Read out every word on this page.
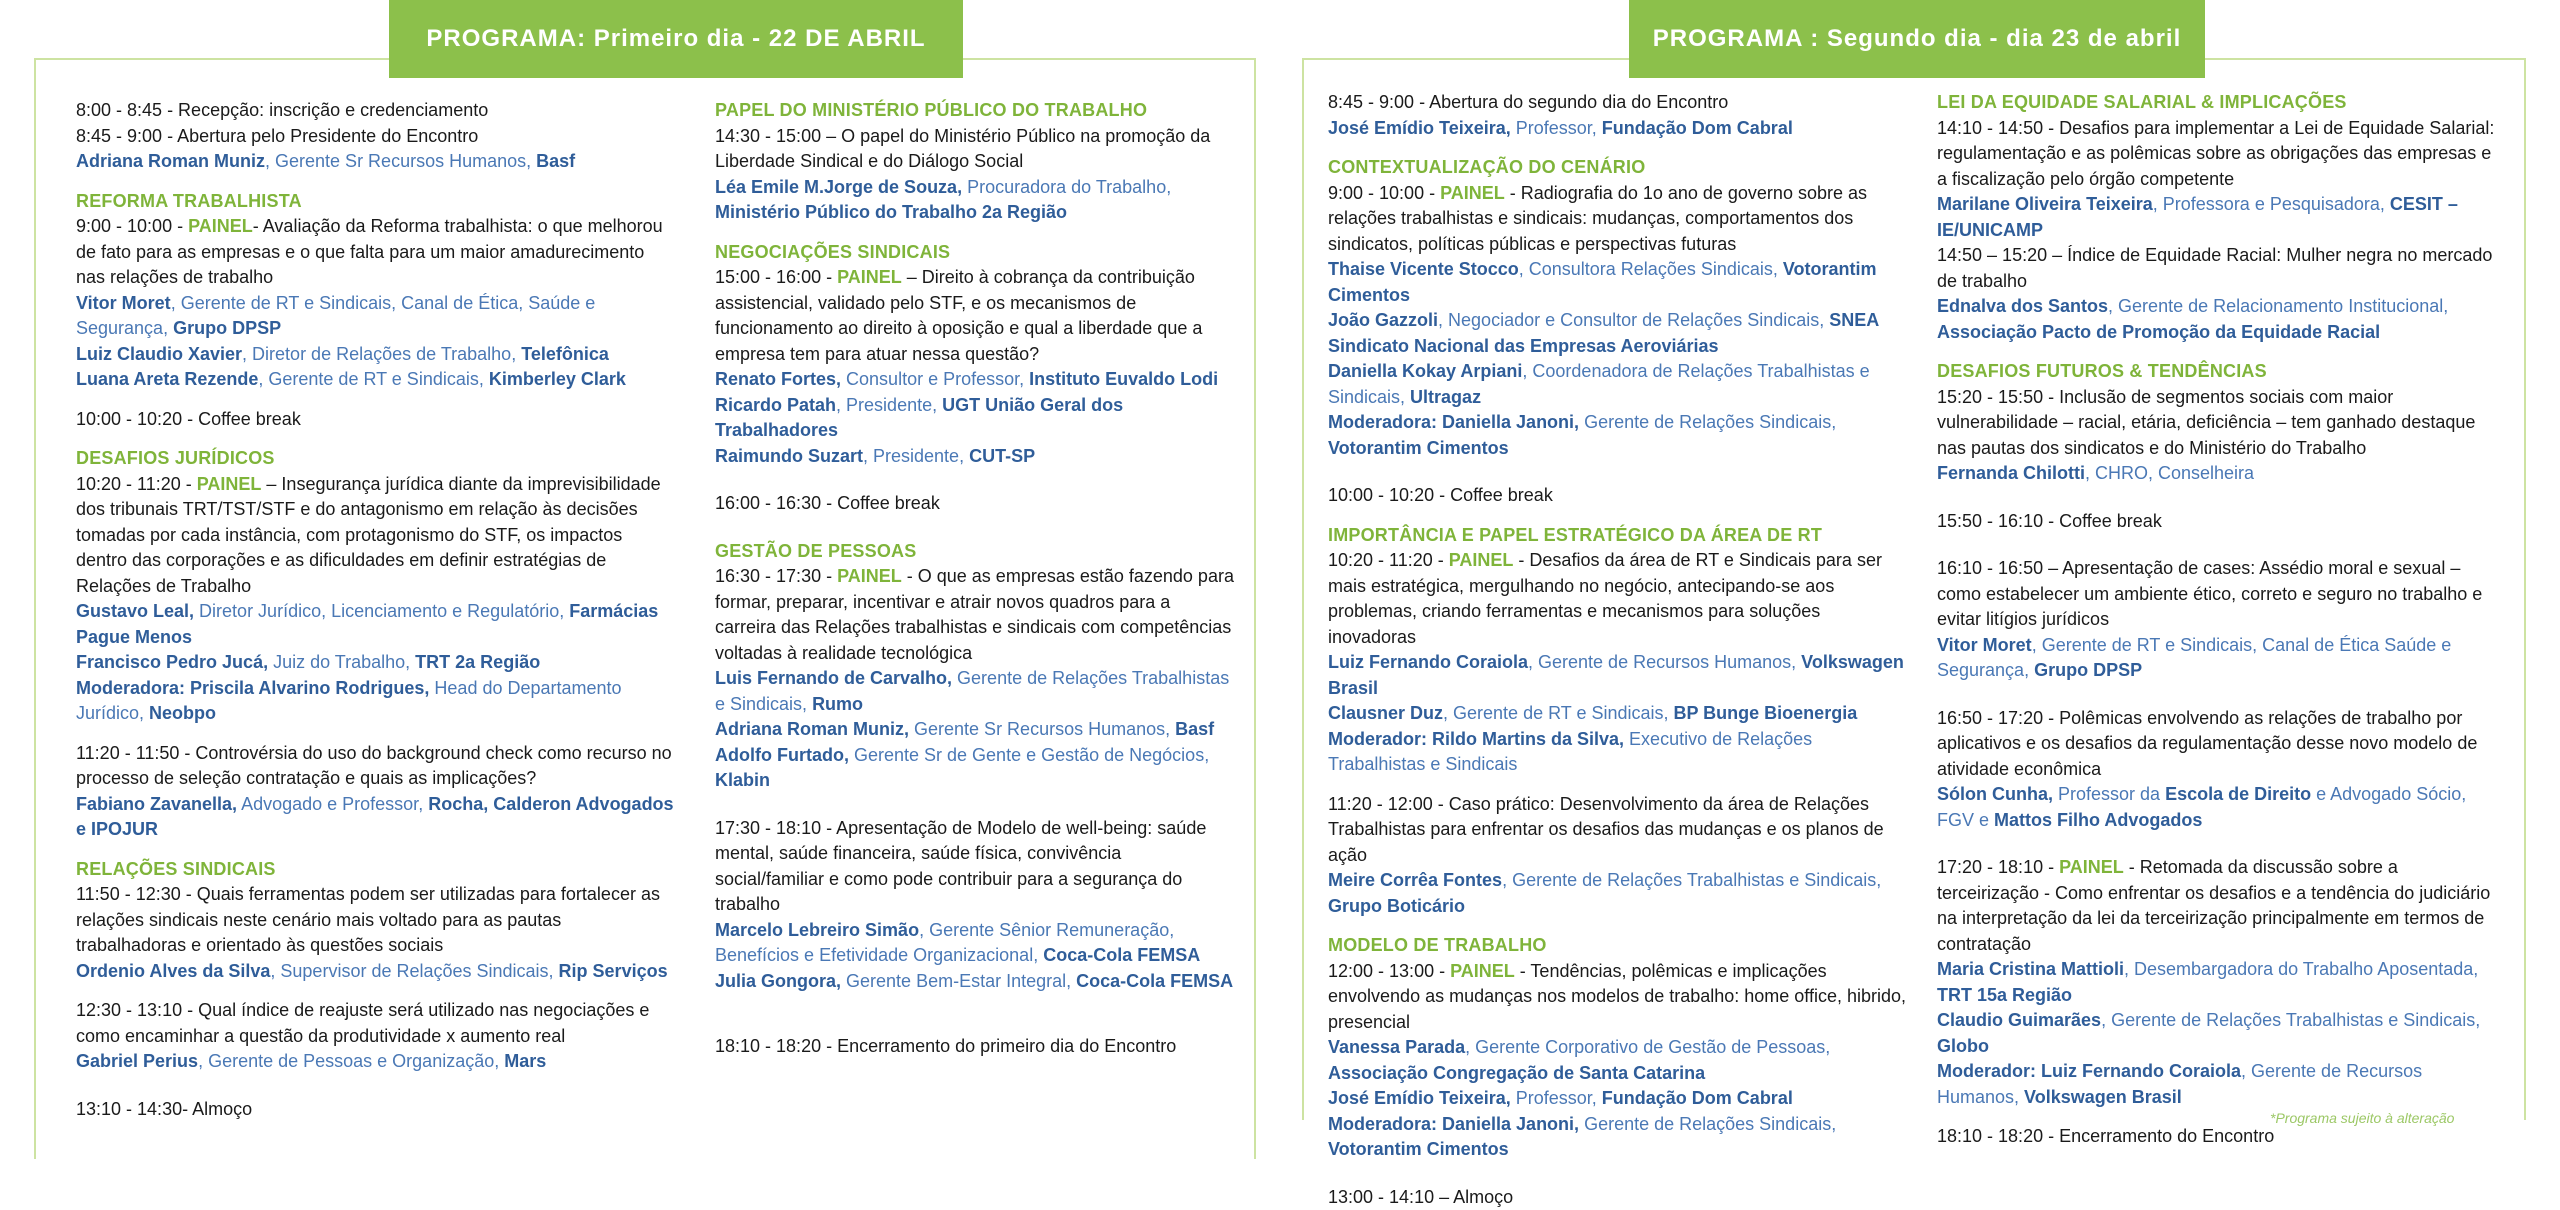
PROGRAMA: Primeiro dia - 22 DE ABRIL	PROGRAMA : Segundo dia - dia 23 de abril

8:00 - 8:45 - Recepção: inscrição e credenciamento

8:45 - 9:00 - Abertura pelo Presidente do Encontro

Adriana Roman Muniz, Gerente Sr Recursos Humanos, Basf

REFORMA TRABALHISTA

9:00 - 10:00 - PAINEL- Avaliação da Reforma trabalhista: o que melhorou de fato para as empresas e o que falta para um maior amadurecimento nas relações de trabalho

Vitor Moret, Gerente de RT e Sindicais, Canal de Ética, Saúde e Segurança, Grupo DPSP

Luiz Claudio Xavier, Diretor de Relações de Trabalho, Telefônica

Luana Areta Rezende, Gerente de RT e Sindicais, Kimberley Clark

10:00 - 10:20 - Coffee break

DESAFIOS JURÍDICOS

10:20 - 11:20 - PAINEL – Insegurança jurídica diante da imprevisibilidade dos tribunais TRT/TST/STF e do antagonismo em relação às decisões tomadas por cada instância, com protagonismo do STF, os impactos dentro das corporações e as dificuldades em definir estratégias de Relações de Trabalho

Gustavo Leal, Diretor Jurídico, Licenciamento e Regulatório, Farmácias Pague Menos

Francisco Pedro Jucá, Juiz do Trabalho, TRT 2a Região

Moderadora: Priscila Alvarino Rodrigues, Head do Departamento Jurídico, Neobpo

11:20 - 11:50 - Controvérsia do uso do background check como recurso no processo de seleção contratação e quais as implicações?

Fabiano Zavanella, Advogado e Professor, Rocha, Calderon Advogados e IPOJUR

RELAÇÕES SINDICAIS

11:50 - 12:30 - Quais ferramentas podem ser utilizadas para fortalecer as relações sindicais neste cenário mais voltado para as pautas trabalhadoras e orientado às questões sociais

Ordenio Alves da Silva, Supervisor de Relações Sindicais, Rip Serviços

12:30 - 13:10 - Qual índice de reajuste será utilizado nas negociações e como encaminhar a questão da produtividade x aumento real

Gabriel Perius, Gerente de Pessoas e Organização, Mars

13:10 - 14:30- Almoço

PAPEL DO MINISTÉRIO PÚBLICO DO TRABALHO

14:30 - 15:00 – O papel do Ministério Público na promoção da Liberdade Sindical e do Diálogo Social

Léa Emile M.Jorge de Souza, Procuradora do Trabalho, Ministério Público do Trabalho 2a Região

NEGOCIAÇÕES SINDICAIS

15:00 - 16:00 - PAINEL – Direito à cobrança da contribuição assistencial, validado pelo STF, e os mecanismos de funcionamento ao direito à oposição e qual a liberdade que a empresa tem para atuar nessa questão?

Renato Fortes, Consultor e Professor, Instituto Euvaldo Lodi

Ricardo Patah, Presidente, UGT União Geral dos Trabalhadores

Raimundo Suzart, Presidente, CUT-SP

16:00 - 16:30 - Coffee break

GESTÃO DE PESSOAS

16:30 - 17:30 - PAINEL - O que as empresas estão fazendo para formar, preparar, incentivar e atrair novos quadros para a carreira das Relações trabalhistas e sindicais com competências voltadas à realidade tecnológica

Luis Fernando de Carvalho, Gerente de Relações Trabalhistas e Sindicais, Rumo

Adriana Roman Muniz, Gerente Sr Recursos Humanos, Basf

Adolfo Furtado, Gerente Sr de Gente e Gestão de Negócios, Klabin

17:30 - 18:10 - Apresentação de Modelo de well-being: saúde mental, saúde financeira, saúde física, convivência social/familiar e como pode contribuir para a segurança do trabalho

Marcelo Lebreiro Simão, Gerente Sênior Remuneração, Benefícios e Efetividade Organizacional, Coca-Cola FEMSA

Julia Gongora, Gerente Bem-Estar Integral, Coca-Cola FEMSA

18:10 - 18:20 - Encerramento do primeiro dia do Encontro

8:45 - 9:00 - Abertura do segundo dia do Encontro

José Emídio Teixeira, Professor, Fundação Dom Cabral

CONTEXTUALIZAÇÃO DO CENÁRIO

9:00 - 10:00 - PAINEL - Radiografia do 1o ano de governo sobre as relações trabalhistas e sindicais: mudanças, comportamentos dos sindicatos, políticas públicas e perspectivas futuras

Thaise Vicente Stocco, Consultora Relações Sindicais, Votorantim Cimentos

João Gazzoli, Negociador e Consultor de Relações Sindicais, SNEA Sindicato Nacional das Empresas Aeroviárias

Daniella Kokay Arpiani, Coordenadora de Relações Trabalhistas e Sindicais, Ultragaz

Moderadora: Daniella Janoni, Gerente de Relações Sindicais, Votorantim Cimentos

10:00 - 10:20 - Coffee break

IMPORTÂNCIA E PAPEL ESTRATÉGICO DA ÁREA DE RT

10:20 - 11:20 - PAINEL - Desafios da área de RT e Sindicais para ser mais estratégica, mergulhando no negócio, antecipando-se aos problemas, criando ferramentas e mecanismos para soluções inovadoras

Luiz Fernando Coraiola, Gerente de Recursos Humanos, Volkswagen Brasil

Clausner Duz, Gerente de RT e Sindicais, BP Bunge Bioenergia

Moderador: Rildo Martins da Silva, Executivo de Relações Trabalhistas e Sindicais

11:20 - 12:00 - Caso prático: Desenvolvimento da área de Relações Trabalhistas para enfrentar os desafios das mudanças e os planos de ação

Meire Corrêa Fontes, Gerente de Relações Trabalhistas e Sindicais, Grupo Boticário

MODELO DE TRABALHO

12:00 - 13:00 - PAINEL - Tendências, polêmicas e implicações envolvendo as mudanças nos modelos de trabalho: home office, hibrido, presencial

Vanessa Parada, Gerente Corporativo de Gestão de Pessoas, Associação Congregação de Santa Catarina

José Emídio Teixeira, Professor, Fundação Dom Cabral

Moderadora: Daniella Janoni, Gerente de Relações Sindicais, Votorantim Cimentos

13:00 - 14:10 – Almoço

LEI DA EQUIDADE SALARIAL & IMPLICAÇÕES

14:10 - 14:50 - Desafios para implementar a Lei de Equidade Salarial: regulamentação e as polêmicas sobre as obrigações das empresas e a fiscalização pelo órgão competente

Marilane Oliveira Teixeira, Professora e Pesquisadora, CESIT – IE/UNICAMP

14:50 – 15:20 – Índice de Equidade Racial: Mulher negra no mercado de trabalho

Ednalva dos Santos, Gerente de Relacionamento Institucional, Associação Pacto de Promoção da Equidade Racial

DESAFIOS FUTUROS & TENDÊNCIAS

15:20 - 15:50 - Inclusão de segmentos sociais com maior vulnerabilidade – racial, etária, deficiência – tem ganhado destaque nas pautas dos sindicatos e do Ministério do Trabalho

Fernanda Chilotti, CHRO, Conselheira

15:50 - 16:10 - Coffee break

16:10 - 16:50 – Apresentação de cases: Assédio moral e sexual – como estabelecer um ambiente ético, correto e seguro no trabalho e evitar litígios jurídicos

Vitor Moret, Gerente de RT e Sindicais, Canal de Ética Saúde e Segurança, Grupo DPSP

16:50 - 17:20 - Polêmicas envolvendo as relações de trabalho por aplicativos e os desafios da regulamentação desse novo modelo de atividade econômica

Sólon Cunha, Professor da Escola de Direito e Advogado Sócio, FGV e Mattos Filho Advogados

17:20 - 18:10 - PAINEL - Retomada da discussão sobre a terceirização - Como enfrentar os desafios e a tendência do judiciário na interpretação da lei da terceirização principalmente em termos de contratação

Maria Cristina Mattioli, Desembargadora do Trabalho Aposentada, TRT 15a Região

Claudio Guimarães, Gerente de Relações Trabalhistas e Sindicais, Globo

Moderador: Luiz Fernando Coraiola, Gerente de Recursos Humanos, Volkswagen Brasil

18:10 - 18:20 - Encerramento do Encontro

*Programa sujeito à alteração
